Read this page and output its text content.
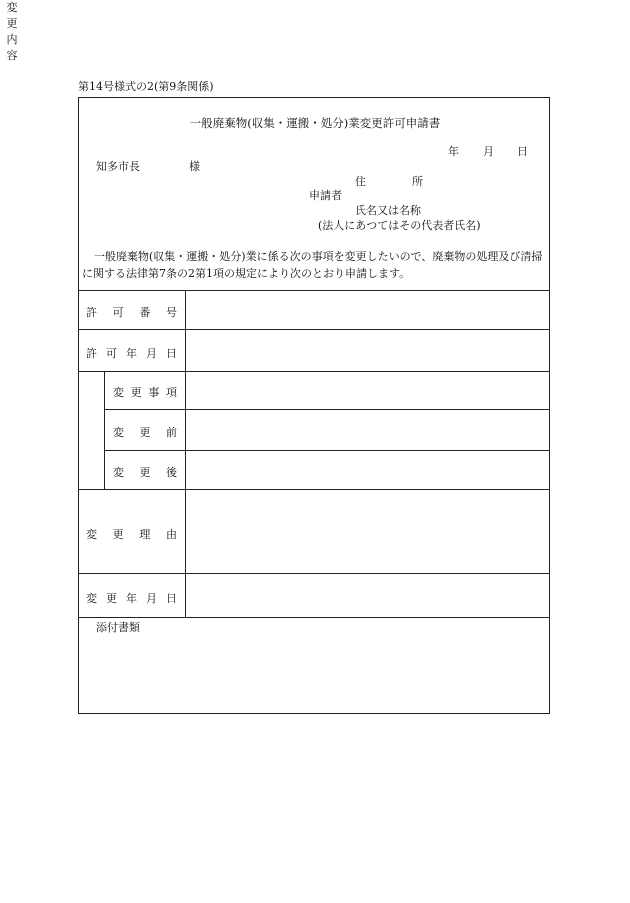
第14号様式の2(第9条関係)
一般廃棄物(収集・運搬・処分)業変更許可申請書
年 月 日
知多市長	様
住	所
申請者
氏名又は名称
(法人にあつてはその代表者氏名)
一般廃棄物(収集・運搬・処分)業に係る次の事項を変更したいので、廃棄物の処理及び清掃に関する法律第7条の2第1項の規定により次のとおり申請します。
許 可 番 号
許 可 年 月 日
変
更
内
容
変 更 事 項
変 更 前
変 更 後
変 更 理 由
変 更 年 月 日
添付書類
